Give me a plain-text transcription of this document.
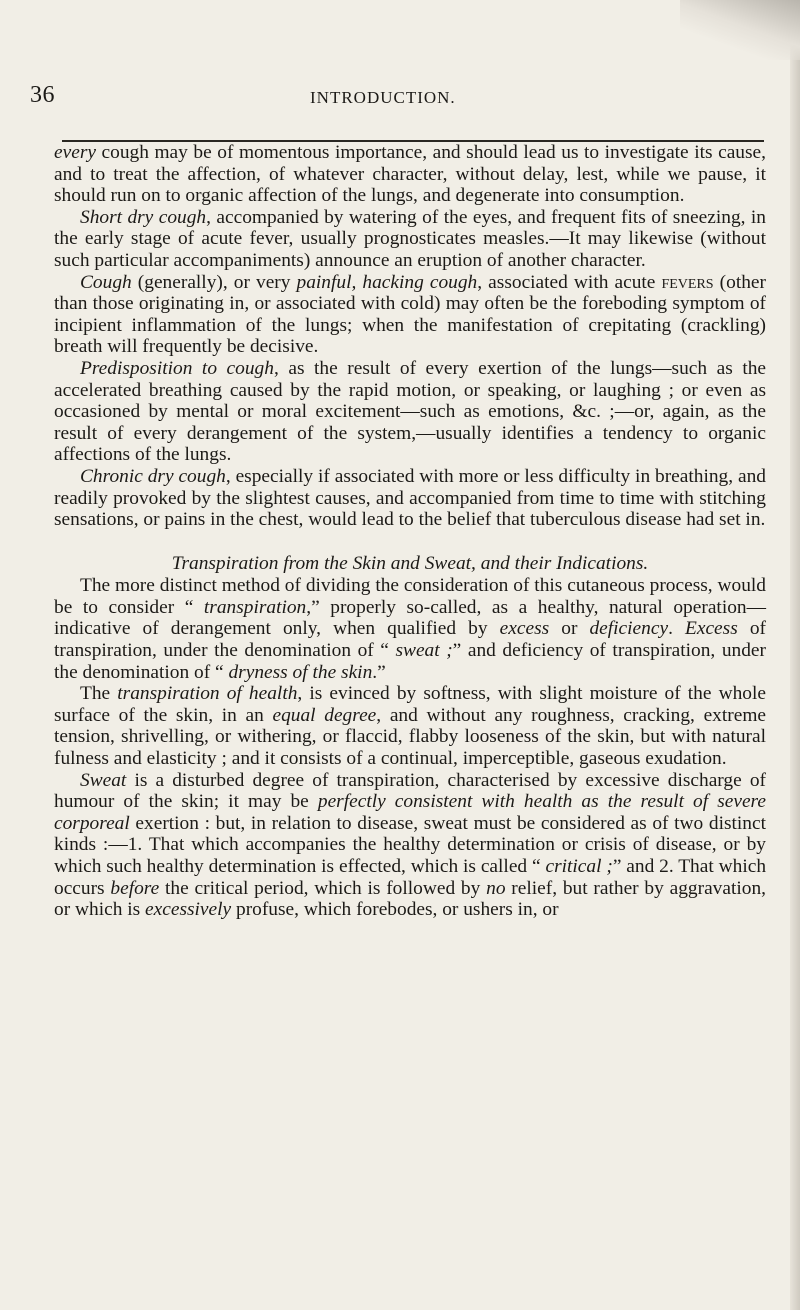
36	INTRODUCTION.

every cough may be of momentous importance, and should lead us to investigate its cause, and to treat the affection, of whatever character, without delay, lest, while we pause, it should run on to organic affection of the lungs, and degenerate into consumption.

Short dry cough, accompanied by watering of the eyes, and frequent fits of sneezing, in the early stage of acute fever, usually prognosticates measles.—It may likewise (without such particular accompaniments) announce an eruption of another character.

Cough (generally), or very painful, hacking cough, associated with acute fevers (other than those originating in, or associated with cold) may often be the foreboding symptom of incipient inflammation of the lungs; when the manifestation of crepitating (crackling) breath will frequently be decisive.

Predisposition to cough, as the result of every exertion of the lungs—such as the accelerated breathing caused by the rapid motion, or speaking, or laughing ; or even as occasioned by mental or moral excitement—such as emotions, &c. ;—or, again, as the result of every derangement of the system,—usually identifies a tendency to organic affections of the lungs.

Chronic dry cough, especially if associated with more or less difficulty in breathing, and readily provoked by the slightest causes, and accompanied from time to time with stitching sensations, or pains in the chest, would lead to the belief that tuberculous disease had set in.

Transpiration from the Skin and Sweat, and their Indications.

The more distinct method of dividing the consideration of this cutaneous process, would be to consider “ transpiration,” properly so-called, as a healthy, natural operation—indicative of derangement only, when qualified by excess or deficiency. Excess of transpiration, under the denomination of “ sweat ;” and deficiency of transpiration, under the denomination of “ dryness of the skin.”

The transpiration of health, is evinced by softness, with slight moisture of the whole surface of the skin, in an equal degree, and without any roughness, cracking, extreme tension, shrivelling, or withering, or flaccid, flabby looseness of the skin, but with natural fulness and elasticity ; and it consists of a continual, imperceptible, gaseous exudation.

Sweat is a disturbed degree of transpiration, characterised by excessive discharge of humour of the skin; it may be perfectly consistent with health as the result of severe corporeal exertion : but, in relation to disease, sweat must be considered as of two distinct kinds :—1. That which accompanies the healthy determination or crisis of disease, or by which such healthy determination is effected, which is called “ critical ;” and 2. That which occurs before the critical period, which is followed by no relief, but rather by aggravation, or which is excessively profuse, which forebodes, or ushers in, or
